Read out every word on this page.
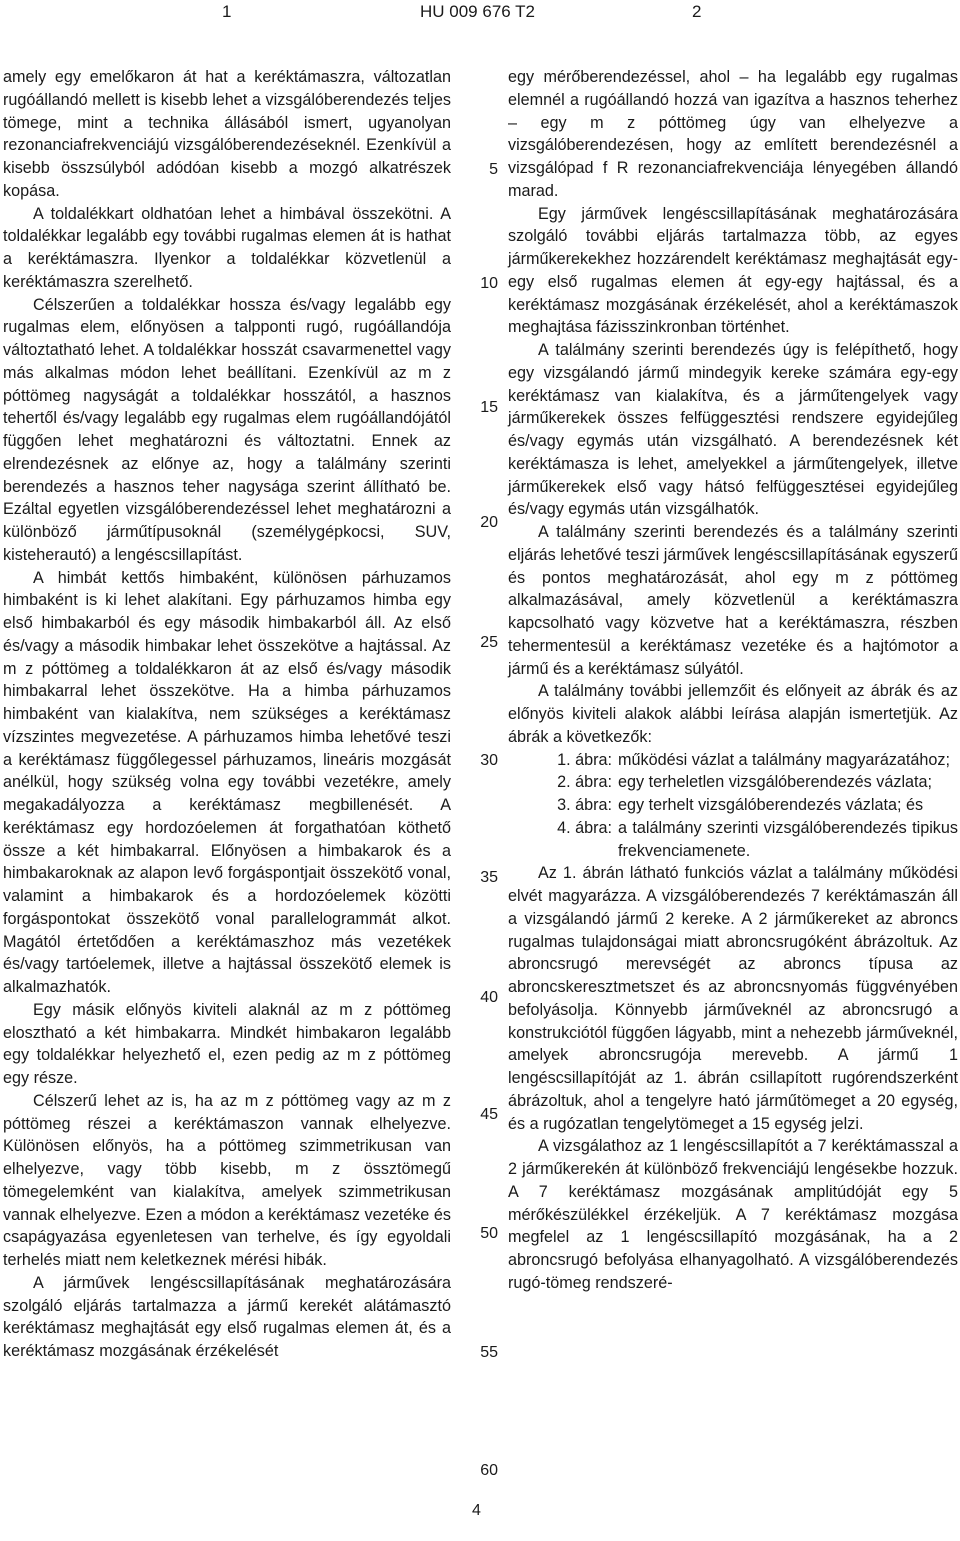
1	HU 009 676 T2	2

amely egy emelőkaron át hat a keréktámaszra, változatlan rugóállandó mellett is kisebb lehet a vizsgálóberendezés teljes tömege, mint a technika állásából ismert, ugyanolyan rezonanciafrekvenciájú vizsgálóberendezéseknél. Ezenkívül a kisebb összsúlyból adódóan kisebb a mozgó alkatrészek kopása.

A toldalékkart oldhatóan lehet a himbával összekötni. A toldalékkar legalább egy további rugalmas elemen át is hathat a keréktámaszra. Ilyenkor a toldalékkar közvetlenül a keréktámaszra szerelhető.

Célszerűen a toldalékkar hossza és/vagy legalább egy rugalmas elem, előnyösen a talpponti rugó, rugóállandója változtatható lehet. A toldalékkar hosszát csavarmenettel vagy más alkalmas módon lehet beállítani. Ezenkívül az m z póttömeg nagyságát a toldalékkar hosszától, a hasznos tehertől és/vagy legalább egy rugalmas elem rugóállandójától függően lehet meghatározni és változtatni. Ennek az elrendezésnek az előnye az, hogy a találmány szerinti berendezés a hasznos teher nagysága szerint állítható be. Ezáltal egyetlen vizsgálóberendezéssel lehet meghatározni a különböző járműtípusoknál (személygépkocsi, SUV, kisteherautó) a lengéscsillapítást.

A himbát kettős himbaként, különösen párhuzamos himbaként is ki lehet alakítani. Egy párhuzamos himba egy első himbakarból és egy második himbakarból áll. Az első és/vagy a második himbakar lehet összekötve a hajtással. Az m z póttömeg a toldalékkaron át az első és/vagy második himbakarral lehet összekötve. Ha a himba párhuzamos himbaként van kialakítva, nem szükséges a keréktámasz vízszintes megvezetése. A párhuzamos himba lehetővé teszi a keréktámasz függőlegessel párhuzamos, lineáris mozgását anélkül, hogy szükség volna egy további vezetékre, amely megakadályozza a keréktámasz megbillenését. A keréktámasz egy hordozóelemen át forgathatóan köthető össze a két himbakarral. Előnyösen a himbakarok és a himbakaroknak az alapon levő forgáspontjait összekötő vonal, valamint a himbakarok és a hordozóelemek közötti forgáspontokat összekötő vonal parallelogrammát alkot. Magától értetődően a keréktámaszhoz más vezetékek és/vagy tartóelemek, illetve a hajtással összekötő elemek is alkalmazhatók.

Egy másik előnyös kiviteli alaknál az m z póttömeg elosztható a két himbakarra. Mindkét himbakaron legalább egy toldalékkar helyezhető el, ezen pedig az m z póttömeg egy része.

Célszerű lehet az is, ha az m z póttömeg vagy az m z póttömeg részei a keréktámaszon vannak elhelyezve. Különösen előnyös, ha a póttömeg szimmetrikusan van elhelyezve, vagy több kisebb, m z össztömegű tömegelemként van kialakítva, amelyek szimmetrikusan vannak elhelyezve. Ezen a módon a keréktámasz vezetéke és csapágyazása egyenletesen van terhelve, és így egyoldali terhelés miatt nem keletkeznek mérési hibák.

A járművek lengéscsillapításának meghatározására szolgáló eljárás tartalmazza a jármű kerekét alátámasztó keréktámasz meghajtását egy első rugalmas elemen át, és a keréktámasz mozgásának érzékelését

5
10
15
20
25
30
35
40
45
50
55
60

egy mérőberendezéssel, ahol – ha legalább egy rugalmas elemnél a rugóállandó hozzá van igazítva a hasznos teherhez – egy m z póttömeg úgy van elhelyezve a vizsgálóberendezésen, hogy az említett berendezésnél a vizsgálópad f R rezonanciafrekvenciája lényegében állandó marad.

Egy járművek lengéscsillapításának meghatározására szolgáló további eljárás tartalmazza több, az egyes járműkerekekhez hozzárendelt keréktámasz meghajtását egy-egy első rugalmas elemen át egy-egy hajtással, és a keréktámasz mozgásának érzékelését, ahol a keréktámaszok meghajtása fázisszinkronban történhet.

A találmány szerinti berendezés úgy is felépíthető, hogy egy vizsgálandó jármű mindegyik kereke számára egy-egy keréktámasz van kialakítva, és a járműtengelyek vagy járműkerekek összes felfüggesztési rendszere egyidejűleg és/vagy egymás után vizsgálható. A berendezésnek két keréktámasza is lehet, amelyekkel a járműtengelyek, illetve járműkerekek első vagy hátsó felfüggesztései egyidejűleg és/vagy egymás után vizsgálhatók.

A találmány szerinti berendezés és a találmány szerinti eljárás lehetővé teszi járművek lengéscsillapításának egyszerű és pontos meghatározását, ahol egy m z póttömeg alkalmazásával, amely közvetlenül a keréktámaszra kapcsolható vagy közvetve hat a keréktámaszra, részben tehermentesül a keréktámasz vezetéke és a hajtómotor a jármű és a keréktámasz súlyától.

A találmány további jellemzőit és előnyeit az ábrák és az előnyös kiviteli alakok alábbi leírása alapján ismertetjük. Az ábrák a következők:

1. ábra: működési vázlat a találmány magyarázatához;
2. ábra: egy terheletlen vizsgálóberendezés vázlata;
3. ábra: egy terhelt vizsgálóberendezés vázlata; és
4. ábra: a találmány szerinti vizsgálóberendezés tipikus frekvenciamenete.

Az 1. ábrán látható funkciós vázlat a találmány működési elvét magyarázza. A vizsgálóberendezés 7 keréktámaszán áll a vizsgálandó jármű 2 kereke. A 2 járműkereket az abroncs rugalmas tulajdonságai miatt abroncsrugóként ábrázoltuk. Az abroncsrugó merevségét az abroncs típusa az abroncskeresztmetszet és az abroncsnyomás függvényében befolyásolja. Könnyebb járműveknél az abroncsrugó a konstrukciótól függően lágyabb, mint a nehezebb járműveknél, amelyek abroncsrugója merevebb. A jármű 1 lengéscsillapítóját az 1. ábrán csillapított rugórendszerként ábrázoltuk, ahol a tengelyre ható járműtömeget a 20 egység, és a rugózatlan tengelytömeget a 15 egység jelzi.

A vizsgálathoz az 1 lengéscsillapítót a 7 keréktámasszal a 2 járműkerekén át különböző frekvenciájú lengésekbe hozzuk. A 7 keréktámasz mozgásának amplitúdóját egy 5 mérőkészülékkel érzékeljük. A 7 keréktámasz mozgása megfelel az 1 lengéscsillapító mozgásának, ha a 2 abroncsrugó befolyása elhanyagolható. A vizsgálóberendezés rugó-tömeg rendszeré-

4
